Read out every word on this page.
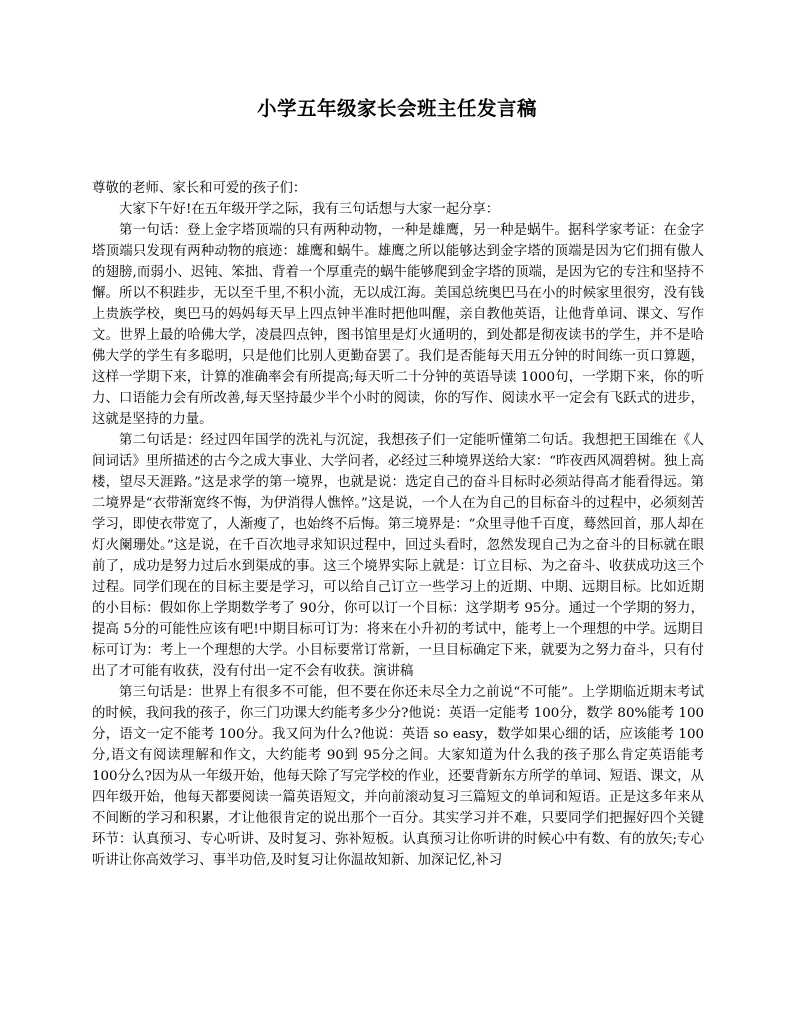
小学五年级家长会班主任发言稿

尊敬的老师、家长和可爱的孩子们：

大家下午好!在五年级开学之际，我有三句话想与大家一起分享：

第一句话：登上金字塔顶端的只有两种动物，一种是雄鹰，另一种是蜗牛。据科学家考证：在金字塔顶端只发现有两种动物的痕迹：雄鹰和蜗牛。雄鹰之所以能够达到金字塔的顶端是因为它们拥有傲人的翅膀,而弱小、迟钝、笨拙、背着一个厚重壳的蜗牛能够爬到金字塔的顶端，是因为它的专注和坚持不懈。所以不积跬步，无以至千里,不积小流，无以成江海。美国总统奥巴马在小的时候家里很穷，没有钱上贵族学校，奥巴马的妈妈每天早上四点钟半准时把他叫醒，亲自教他英语，让他背单词、课文、写作文。世界上最的哈佛大学，凌晨四点钟，图书馆里是灯火通明的，到处都是彻夜读书的学生，并不是哈佛大学的学生有多聪明，只是他们比别人更勤奋罢了。我们是否能每天用五分钟的时间练一页口算题，这样一学期下来，计算的准确率会有所提高;每天听二十分钟的英语导读 1000句，一学期下来，你的听力、口语能力会有所改善,每天坚持最少半个小时的阅读，你的写作、阅读水平一定会有飞跃式的进步，这就是坚持的力量。

第二句话是：经过四年国学的洗礼与沉淀，我想孩子们一定能听懂第二句话。我想把王国维在《人间词话》里所描述的古今之成大事业、大学问者，必经过三种境界送给大家：“昨夜西风凋碧树。独上高楼，望尽天涯路。”这是求学的第一境界，也就是说：选定自己的奋斗目标时必须站得高才能看得远。第二境界是“衣带渐宽终不悔，为伊消得人憔悴。”这是说，一个人在为自己的目标奋斗的过程中，必须刻苦学习，即使衣带宽了，人渐瘦了，也始终不后悔。第三境界是：“众里寻他千百度，蓦然回首，那人却在灯火阑珊处。”这是说，在千百次地寻求知识过程中，回过头看时，忽然发现自己为之奋斗的目标就在眼前了，成功是努力过后水到渠成的事。这三个境界实际上就是：订立目标、为之奋斗、收获成功这三个过程。同学们现在的目标主要是学习，可以给自己订立一些学习上的近期、中期、远期目标。比如近期的小目标：假如你上学期数学考了 90分，你可以订一个目标：这学期考 95分。通过一个学期的努力，提高 5分的可能性应该有吧!中期目标可订为：将来在小升初的考试中，能考上一个理想的中学。远期目标可订为：考上一个理想的大学。小目标要常订常新，一旦目标确定下来，就要为之努力奋斗，只有付出了才可能有收获，没有付出一定不会有收获。演讲稿

第三句话是：世界上有很多不可能，但不要在你还未尽全力之前说“不可能”。上学期临近期末考试的时候，我问我的孩子，你三门功课大约能考多少分?他说：英语一定能考 100分，数学 80%能考 100分，语文一定不能考 100分。我又问为什么?他说：英语 so easy，数学如果心细的话，应该能考 100分,语文有阅读理解和作文，大约能考 90到 95分之间。大家知道为什么我的孩子那么肯定英语能考 100分么?因为从一年级开始，他每天除了写完学校的作业，还要背新东方所学的单词、短语、课文，从四年级开始，他每天都要阅读一篇英语短文，并向前滚动复习三篇短文的单词和短语。正是这多年来从不间断的学习和积累，才让他很肯定的说出那个一百分。其实学习并不难，只要同学们把握好四个关键环节：认真预习、专心听讲、及时复习、弥补短板。认真预习让你听讲的时候心中有数、有的放矢;专心听讲让你高效学习、事半功倍,及时复习让你温故知新、加深记忆,补习
